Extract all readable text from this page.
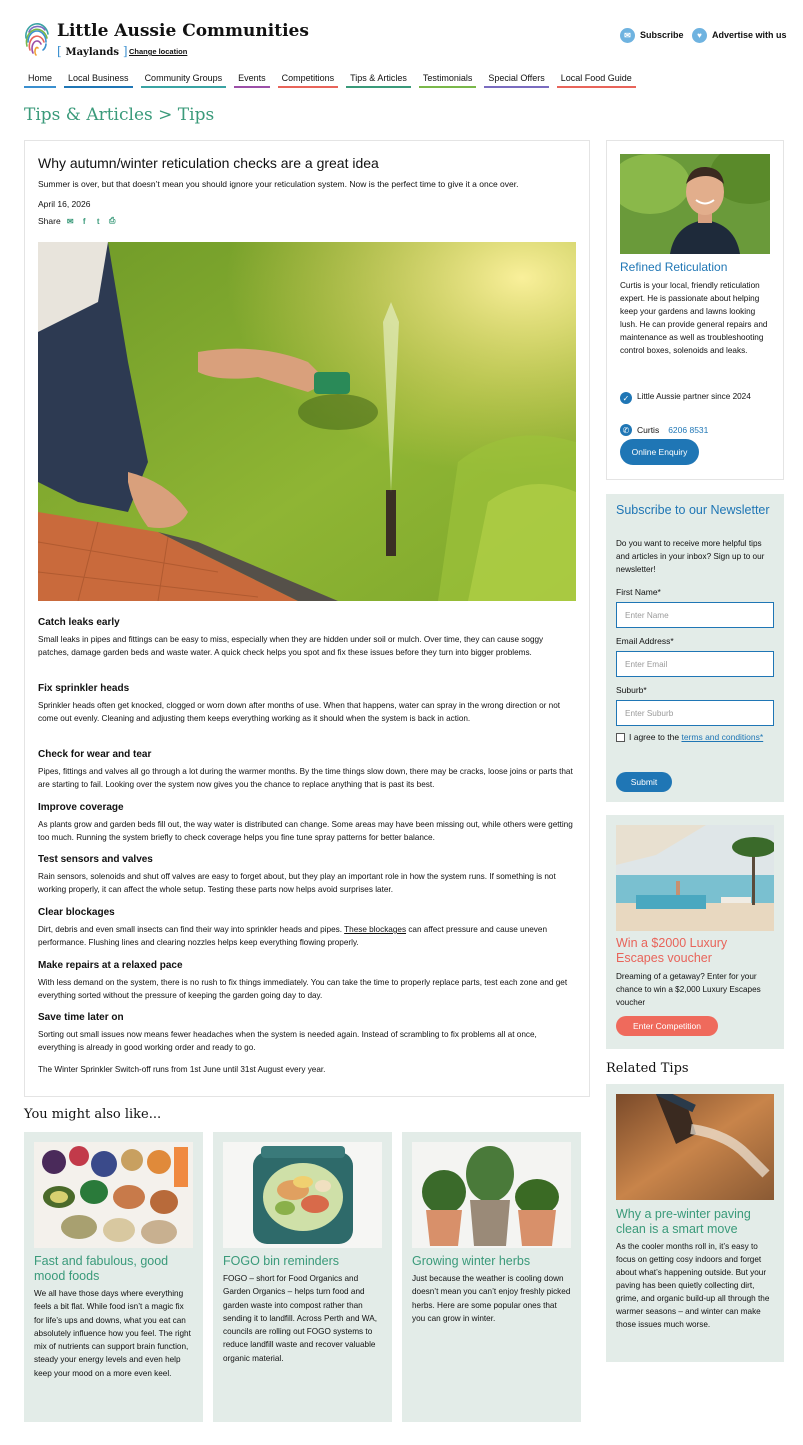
Little Aussie Communities
[ Maylands ] Change location
✉	Subscribe	♥	Advertise with us
Home	Local Business	Community Groups	Events	Competitions	Tips & Articles	Testimonials	Special Offers	Local Food Guide
Tips & Articles > Tips
Why autumn/winter reticulation checks are a great idea
Summer is over, but that doesn’t mean you should ignore your reticulation system. Now is the perfect time to give it a once over.
April 16, 2026
Share ✉	f	t	⎙
Catch leaks early
Small leaks in pipes and fittings can be easy to miss, especially when they are hidden under soil or mulch. Over time, they can cause soggy patches, damage garden beds and waste water. A quick check helps you spot and fix these issues before they turn into bigger problems.
Fix sprinkler heads
Sprinkler heads often get knocked, clogged or worn down after months of use. When that happens, water can spray in the wrong direction or not come out evenly. Cleaning and adjusting them keeps everything working as it should when the system is back in action.
Check for wear and tear
Pipes, fittings and valves all go through a lot during the warmer months. By the time things slow down, there may be cracks, loose joins or parts that are starting to fail. Looking over the system now gives you the chance to replace anything that is past its best.
Improve coverage
As plants grow and garden beds fill out, the way water is distributed can change. Some areas may have been missing out, while others were getting too much. Running the system briefly to check coverage helps you fine tune spray patterns for better balance.
Test sensors and valves
Rain sensors, solenoids and shut off valves are easy to forget about, but they play an important role in how the system runs. If something is not working properly, it can affect the whole setup. Testing these parts now helps avoid surprises later.
Clear blockages
Dirt, debris and even small insects can find their way into sprinkler heads and pipes. These blockages can affect pressure and cause uneven performance. Flushing lines and clearing nozzles helps keep everything flowing properly.
Make repairs at a relaxed pace
With less demand on the system, there is no rush to fix things immediately. You can take the time to properly replace parts, test each zone and get everything sorted without the pressure of keeping the garden going day to day.
Save time later on
Sorting out small issues now means fewer headaches when the system is needed again. Instead of scrambling to fix problems all at once, everything is already in good working order and ready to go.
The Winter Sprinkler Switch-off runs from 1st June until 31st August every year.
You might also like...
Fast and fabulous, good mood foods
We all have those days where everything feels a bit flat. While food isn’t a magic fix for life’s ups and downs, what you eat can absolutely influence how you feel. The right mix of nutrients can support brain function, steady your energy levels and even help keep your mood on a more even keel.
FOGO bin reminders
FOGO – short for Food Organics and Garden Organics – helps turn food and garden waste into compost rather than sending it to landfill. Across Perth and WA, councils are rolling out FOGO systems to reduce landfill waste and recover valuable organic material.
Growing winter herbs
Just because the weather is cooling down doesn’t mean you can’t enjoy freshly picked herbs. Here are some popular ones that you can grow in winter.
Refined Reticulation
Curtis is your local, friendly reticulation expert. He is passionate about helping keep your gardens and lawns looking lush. He can provide general repairs and maintenance as well as troubleshooting control boxes, solenoids and leaks.
✓ Little Aussie partner since 2024
✆ Curtis 6206 8531
Online Enquiry
Subscribe to our Newsletter
Do you want to receive more helpful tips and articles in your inbox? Sign up to our newsletter!
First Name*
Enter Name
Email Address*
Enter Email
Suburb*
Enter Suburb
I agree to the terms and conditions*
Submit
Win a $2000 Luxury Escapes voucher
Dreaming of a getaway? Enter for your chance to win a $2,000 Luxury Escapes voucher
Enter Competition
Related Tips
Why a pre-winter paving clean is a smart move
As the cooler months roll in, it’s easy to focus on getting cosy indoors and forget about what’s happening outside. But your paving has been quietly collecting dirt, grime, and organic build-up all through the warmer seasons – and winter can make those issues much worse.
